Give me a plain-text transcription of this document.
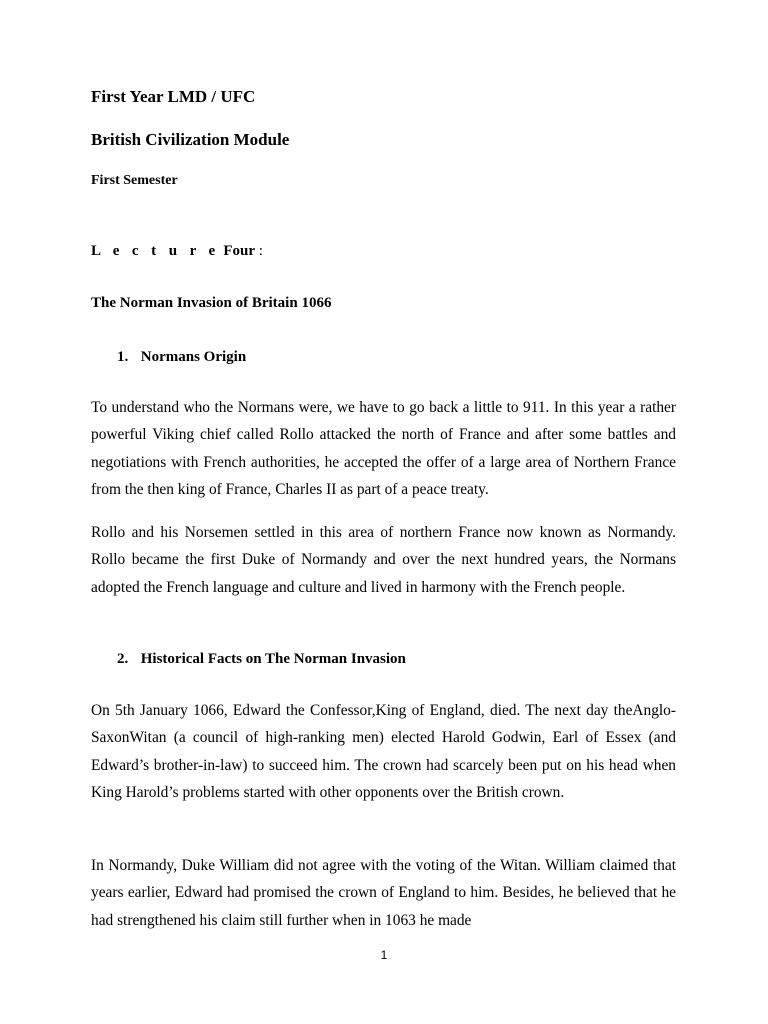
First Year LMD / UFC

British Civilization Module

First Semester

L e c t u r e Four :

The Norman Invasion of Britain 1066

1. Normans Origin

To understand who the Normans were, we have to go back a little to 911. In this year a rather powerful Viking chief called Rollo attacked the north of France and after some battles and negotiations with French authorities, he accepted the offer of a large area of Northern France from the then king of France, Charles II as part of a peace treaty.

Rollo and his Norsemen settled in this area of northern France now known as Normandy. Rollo became the first Duke of Normandy and over the next hundred years, the Normans adopted the French language and culture and lived in harmony with the French people.

2. Historical Facts on The Norman Invasion

On 5th January 1066, Edward the Confessor,King of England, died. The next day theAnglo-SaxonWitan (a council of high-ranking men) elected Harold Godwin, Earl of Essex (and Edward’s brother-in-law) to succeed him. The crown had scarcely been put on his head when King Harold’s problems started with other opponents over the British crown.

In Normandy, Duke William did not agree with the voting of the Witan. William claimed that years earlier, Edward had promised the crown of England to him. Besides, he believed that he had strengthened his claim still further when in 1063 he made

1
